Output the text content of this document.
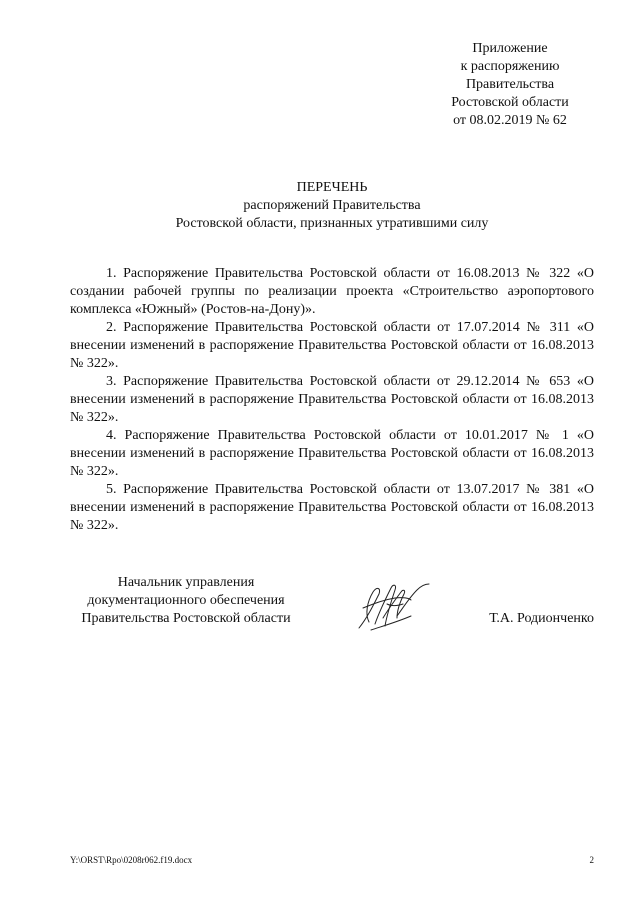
Приложение
к распоряжению
Правительства
Ростовской области
от 08.02.2019 № 62
ПЕРЕЧЕНЬ
распоряжений Правительства
Ростовской области, признанных утратившими силу

1. Распоряжение Правительства Ростовской области от 16.08.2013 № 322 «О создании рабочей группы по реализации проекта «Строительство аэропортового комплекса «Южный» (Ростов-на-Дону)».

2. Распоряжение Правительства Ростовской области от 17.07.2014 № 311 «О внесении изменений в распоряжение Правительства Ростовской области от 16.08.2013 № 322».

3. Распоряжение Правительства Ростовской области от 29.12.2014 № 653 «О внесении изменений в распоряжение Правительства Ростовской области от 16.08.2013 № 322».

4. Распоряжение Правительства Ростовской области от 10.01.2017 № 1 «О внесении изменений в распоряжение Правительства Ростовской области от 16.08.2013 № 322».

5. Распоряжение Правительства Ростовской области от 13.07.2017 № 381 «О внесении изменений в распоряжение Правительства Ростовской области от 16.08.2013 № 322».

Начальник управления
документационного обеспечения
Правительства Ростовской области	Т.А. Родионченко
Y:\ORST\Rpo\0208r062.f19.docx	2
